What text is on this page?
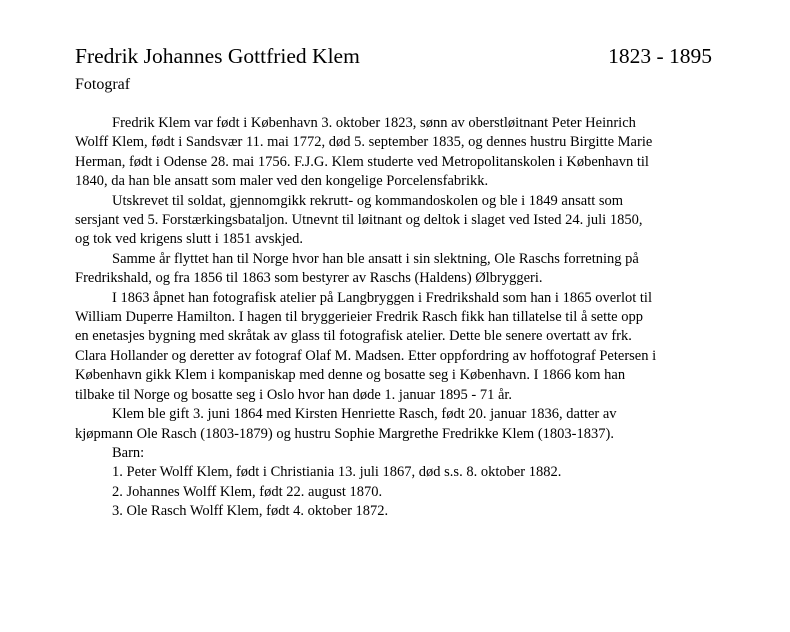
Fredrik Johannes Gottfried Klem	1823 - 1895
Fotograf

Fredrik Klem var født i København 3. oktober 1823, sønn av oberstløitnant Peter Heinrich
Wolff Klem, født i Sandsvær 11. mai 1772, død 5. september 1835, og dennes hustru Birgitte Marie
Herman, født i Odense 28. mai 1756. F.J.G. Klem studerte ved Metropolitanskolen i København til
1840, da han ble ansatt som maler ved den kongelige Porcelensfabrikk.

Utskrevet til soldat, gjennomgikk rekrutt- og kommandoskolen og ble i 1849 ansatt som
sersjant ved 5. Forstærkingsbataljon. Utnevnt til løitnant og deltok i slaget ved Isted 24. juli 1850,
og tok ved krigens slutt i 1851 avskjed.

Samme år flyttet han til Norge hvor han ble ansatt i sin slektning, Ole Raschs forretning på
Fredrikshald, og fra 1856 til 1863 som bestyrer av Raschs (Haldens) Ølbryggeri.

I 1863 åpnet han fotografisk atelier på Langbryggen i Fredrikshald som han i 1865 overlot til
William Duperre Hamilton. I hagen til bryggerieier Fredrik Rasch fikk han tillatelse til å sette opp
en enetasjes bygning med skråtak av glass til fotografisk atelier. Dette ble senere overtatt av frk.
Clara Hollander og deretter av fotograf Olaf M. Madsen. Etter oppfordring av hoffotograf Petersen i
København gikk Klem i kompaniskap med denne og bosatte seg i København. I 1866 kom han
tilbake til Norge og bosatte seg i Oslo hvor han døde 1. januar 1895 - 71 år.

Klem ble gift 3. juni 1864 med Kirsten Henriette Rasch, født 20. januar 1836, datter av
kjøpmann Ole Rasch (1803-1879) og hustru Sophie Margrethe Fredrikke Klem (1803-1837).

Barn:

1. Peter Wolff Klem, født i Christiania 13. juli 1867, død s.s. 8. oktober 1882.

2. Johannes Wolff Klem, født 22. august 1870.

3. Ole Rasch Wolff Klem, født 4. oktober 1872.
